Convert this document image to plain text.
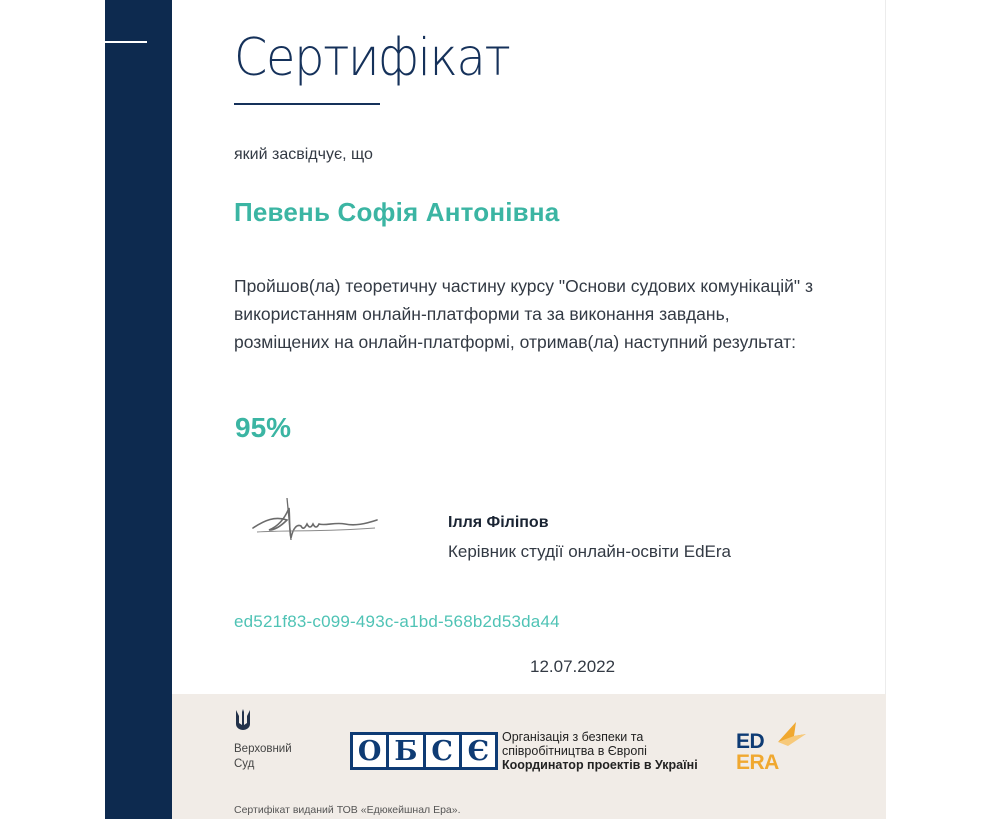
Сертифікат
який засвідчує, що
Певень Софія Антонівна
Пройшов(ла) теоретичну частину курсу "Основи судових комунікацій" з використанням онлайн-платформи та за виконання завдань, розміщених на онлайн-платформі, отримав(ла) наступний результат:
95%
Ілля Філіпов
Керівник студії онлайн-освіти EdEra
ed521f83-c099-493c-a1bd-568b2d53da44
12.07.2022
Верховний
Суд	О Б С Є	Організація з безпеки та
співробітництва в Європі
Координатор проектів в Україні
ED
ERA
Сертифікат виданий ТОВ «Едюкейшнал Ера».
